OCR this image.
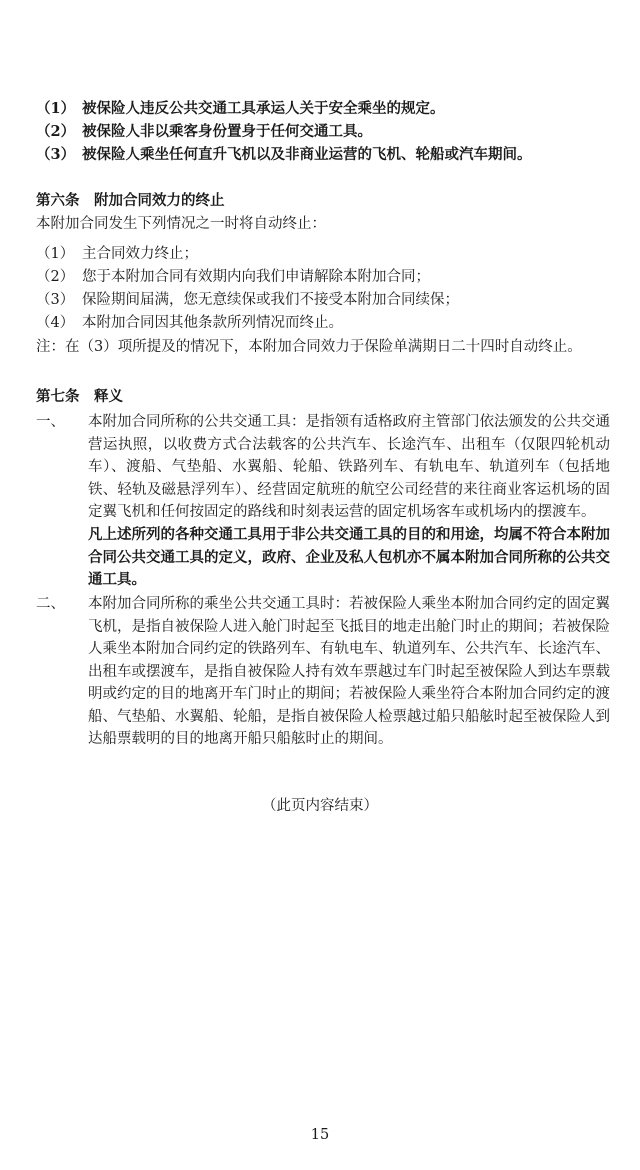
（1） 被保险人违反公共交通工具承运人关于安全乘坐的规定。
（2） 被保险人非以乘客身份置身于任何交通工具。
（3） 被保险人乘坐任何直升飞机以及非商业运营的飞机、轮船或汽车期间。
第六条　附加合同效力的终止
本附加合同发生下列情况之一时将自动终止：
（1） 主合同效力终止；
（2） 您于本附加合同有效期内向我们申请解除本附加合同；
（3） 保险期间届满，您无意续保或我们不接受本附加合同续保；
（4） 本附加合同因其他条款所列情况而终止。
注：在（3）项所提及的情况下，本附加合同效力于保险单满期日二十四时自动终止。
第七条　释义
一、 本附加合同所称的公共交通工具：是指领有适格政府主管部门依法颁发的公共交通营运执照，以收费方式合法载客的公共汽车、长途汽车、出租车（仅限四轮机动车）、渡船、气垫船、水翼船、轮船、铁路列车、有轨电车、轨道列车（包括地铁、轻轨及磁悬浮列车）、经营固定航班的航空公司经营的来往商业客运机场的固定翼飞机和任何按固定的路线和时刻表运营的固定机场客车或机场内的摆渡车。
凡上述所列的各种交通工具用于非公共交通工具的目的和用途，均属不符合本附加合同公共交通工具的定义，政府、企业及私人包机亦不属本附加合同所称的公共交通工具。
二、 本附加合同所称的乘坐公共交通工具时：若被保险人乘坐本附加合同约定的固定翼飞机，是指自被保险人进入舱门时起至飞抵目的地走出舱门时止的期间；若被保险人乘坐本附加合同约定的铁路列车、有轨电车、轨道列车、公共汽车、长途汽车、出租车或摆渡车，是指自被保险人持有效车票越过车门时起至被保险人到达车票载明或约定的目的地离开车门时止的期间；若被保险人乘坐符合本附加合同约定的渡船、气垫船、水翼船、轮船，是指自被保险人检票越过船只船舷时起至被保险人到达船票载明的目的地离开船只船舷时止的期间。
（此页内容结束）
15
